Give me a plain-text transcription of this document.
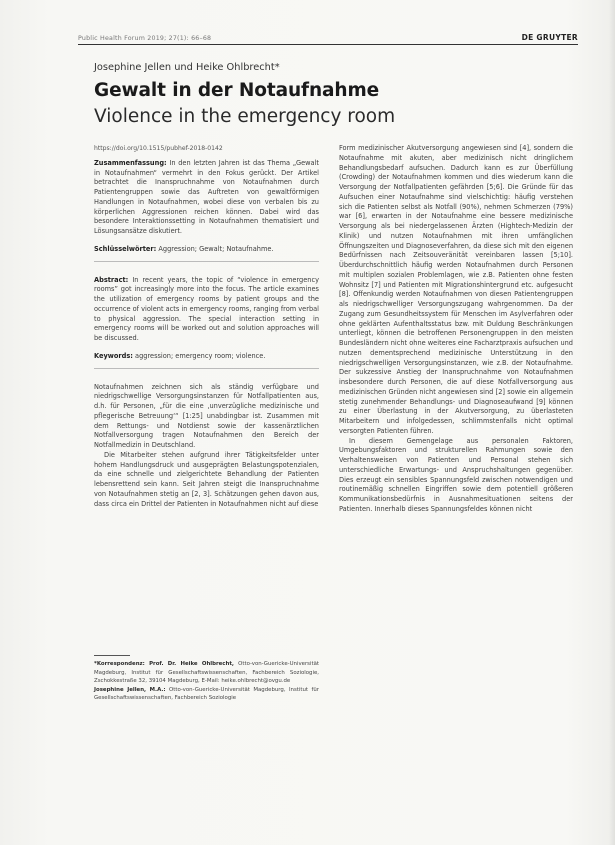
Public Health Forum 2019; 27(1): 66–68	DE GRUYTER
Josephine Jellen und Heike Ohlbrecht*
Gewalt in der Notaufnahme
Violence in the emergency room
https://doi.org/10.1515/pubhef-2018-0142

Zusammenfassung: In den letzten Jahren ist das Thema „Gewalt in Notaufnahmen“ vermehrt in den Fokus gerückt. Der Artikel betrachtet die Inanspruchnahme von Notaufnahmen durch Patientengruppen sowie das Auftreten von gewaltförmigen Handlungen in Notaufnahmen, wobei diese von verbalen bis zu körperlichen Aggressionen reichen können. Dabei wird das besondere Interaktionssetting in Notaufnahmen thematisiert und Lösungsansätze diskutiert.

Schlüsselwörter: Aggression; Gewalt; Notaufnahme.

Abstract: In recent years, the topic of “violence in emergency rooms” got increasingly more into the focus. The article examines the utilization of emergency rooms by patient groups and the occurrence of violent acts in emergency rooms, ranging from verbal to physical aggression. The special interaction setting in emergency rooms will be worked out and solution approaches will be discussed.

Keywords: aggression; emergency room; violence.

Notaufnahmen zeichnen sich als ständig verfügbare und niedrigschwellige Versorgungsinstanzen für Notfallpatienten aus, d.h. für Personen, „für die eine ‚unverzügliche medizinische und pflegerische Betreuung‘“ [1:25] unabdingbar ist. Zusammen mit dem Rettungs- und Notdienst sowie der kassenärztlichen Notfallversorgung tragen Notaufnahmen den Bereich der Notfallmedizin in Deutschland.

Die Mitarbeiter stehen aufgrund ihrer Tätigkeitsfelder unter hohem Handlungsdruck und ausgeprägten Belastungspotenzialen, da eine schnelle und zielgerichtete Behandlung der Patienten lebensrettend sein kann. Seit Jahren steigt die Inanspruchnahme von Notaufnahmen stetig an [2, 3]. Schätzungen gehen davon aus, dass circa ein Drittel der Patienten in Notaufnahmen nicht auf diese

Form medizinischer Akutversorgung angewiesen sind [4], sondern die Notaufnahme mit akuten, aber medizinisch nicht dringlichem Behandlungsbedarf aufsuchen. Dadurch kann es zur Überfüllung (Crowding) der Notaufnahmen kommen und dies wiederum kann die Versorgung der Notfallpatienten gefährden [5;6]. Die Gründe für das Aufsuchen einer Notaufnahme sind vielschichtig: häufig verstehen sich die Patienten selbst als Notfall (90%), nehmen Schmerzen (79%) war [6], erwarten in der Notaufnahme eine bessere medizinische Versorgung als bei niedergelassenen Ärzten (Hightech-Medizin der Klinik) und nutzen Notaufnahmen mit ihren umfänglichen Öffnungszeiten und Diagnoseverfahren, da diese sich mit den eigenen Bedürfnissen nach Zeitsouveränität vereinbaren lassen [5;10]. Überdurchschnittlich häufig werden Notaufnahmen durch Personen mit multiplen sozialen Problemlagen, wie z.B. Patienten ohne festen Wohnsitz [7] und Patienten mit Migrationshintergrund etc. aufgesucht [8]. Offenkundig werden Notaufnahmen von diesen Patientengruppen als niedrigschwelliger Versorgungszugang wahrgenommen. Da der Zugang zum Gesundheitssystem für Menschen im Asylverfahren oder ohne geklärten Aufenthaltsstatus bzw. mit Duldung Beschränkungen unterliegt, können die betroffenen Personengruppen in den meisten Bundesländern nicht ohne weiteres eine Facharztpraxis aufsuchen und nutzen dementsprechend medizinische Unterstützung in den niedrigschwelligen Versorgungsinstanzen, wie z.B. der Notaufnahme. Der sukzessive Anstieg der Inanspruchnahme von Notaufnahmen insbesondere durch Personen, die auf diese Notfallversorgung aus medizinischen Gründen nicht angewiesen sind [2] sowie ein allgemein stetig zunehmender Behandlungs- und Diagnoseaufwand [9] können zu einer Überlastung in der Akutversorgung, zu überlasteten Mitarbeitern und infolgedessen, schlimmstenfalls nicht optimal versorgten Patienten führen.

In diesem Gemengelage aus personalen Faktoren, Umgebungsfaktoren und strukturellen Rahmungen sowie den Verhaltensweisen von Patienten und Personal stehen sich unterschiedliche Erwartungs- und Anspruchshaltungen gegenüber. Dies erzeugt ein sensibles Spannungsfeld zwischen notwendigen und routinemäßig schnellen Eingriffen sowie dem potentiell größeren Kommunikationsbedürfnis in Ausnahmesituationen seitens der Patienten. Innerhalb dieses Spannungsfeldes können nicht

*Korrespondenz: Prof. Dr. Heike Ohlbrecht, Otto-von-Guericke-Universität Magdeburg, Institut für Gesellschaftswissenschaften, Fachbereich Soziologie, Zschokkestraße 32, 39104 Magdeburg, E-Mail: heike.ohlbrecht@ovgu.de

Josephine Jellen, M.A.: Otto-von-Guericke-Universität Magdeburg, Institut für Gesellschaftswissenschaften, Fachbereich Soziologie
